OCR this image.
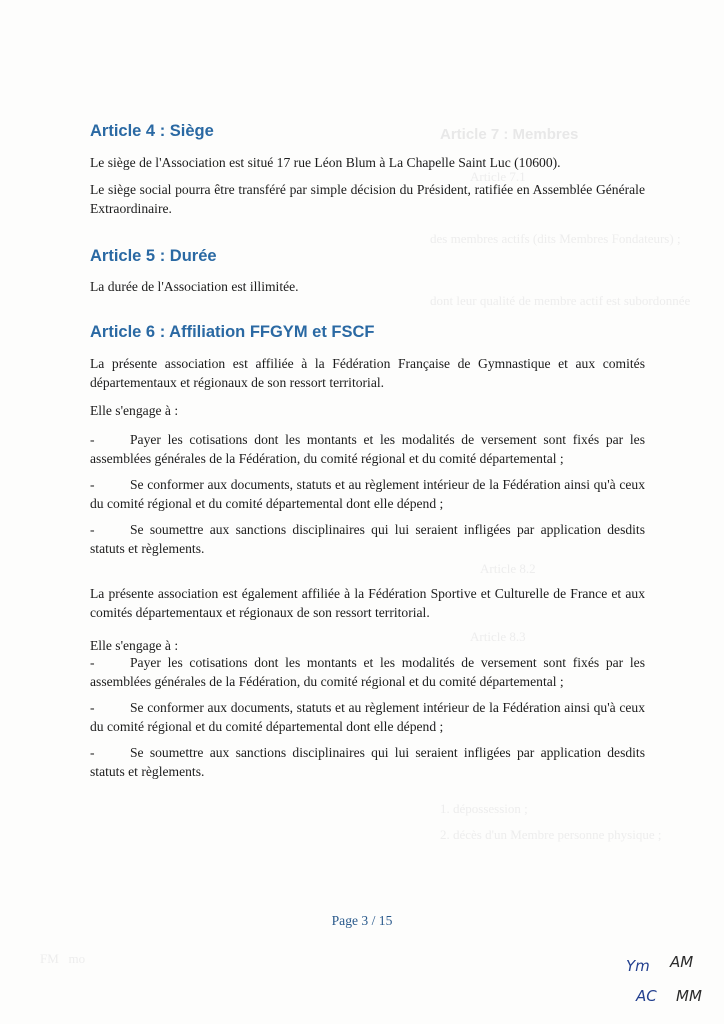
Article 7 : Membres
Article 7.1
des membres actifs (dits Membres Fondateurs) ;
dont leur qualité de membre actif est subordonnée
Article 8.2
Article 8.3
1. dépossession ;
2. décès d'un Membre personne physique ;
FM   mo
Article 4 : Siège

Le siège de l'Association est situé 17 rue Léon Blum à La Chapelle Saint Luc (10600).

Le siège social pourra être transféré par simple décision du Président, ratifiée en Assemblée Générale Extraordinaire.

Article 5 : Durée

La durée de l'Association est illimitée.

Article 6 : Affiliation FFGYM et FSCF

La présente association est affiliée à la Fédération Française de Gymnastique et aux comités départementaux et régionaux de son ressort territorial.

Elle s'engage à :

-	Payer les cotisations dont les montants et les modalités de versement sont fixés par les assemblées générales de la Fédération, du comité régional et du comité départemental ;
-	Se conformer aux documents, statuts et au règlement intérieur de la Fédération ainsi qu'à ceux du comité régional et du comité départemental dont elle dépend ;
-	Se soumettre aux sanctions disciplinaires qui lui seraient infligées par application desdits statuts et règlements.

La présente association est également affiliée à la Fédération Sportive et Culturelle de France et aux comités départementaux et régionaux de son ressort territorial.

Elle s'engage à :

-	Payer les cotisations dont les montants et les modalités de versement sont fixés par les assemblées générales de la Fédération, du comité régional et du comité départemental ;
-	Se conformer aux documents, statuts et au règlement intérieur de la Fédération ainsi qu'à ceux du comité régional et du comité départemental dont elle dépend ;
-	Se soumettre aux sanctions disciplinaires qui lui seraient infligées par application desdits statuts et règlements.
Page 3 / 15
Ym AM
AC MM
